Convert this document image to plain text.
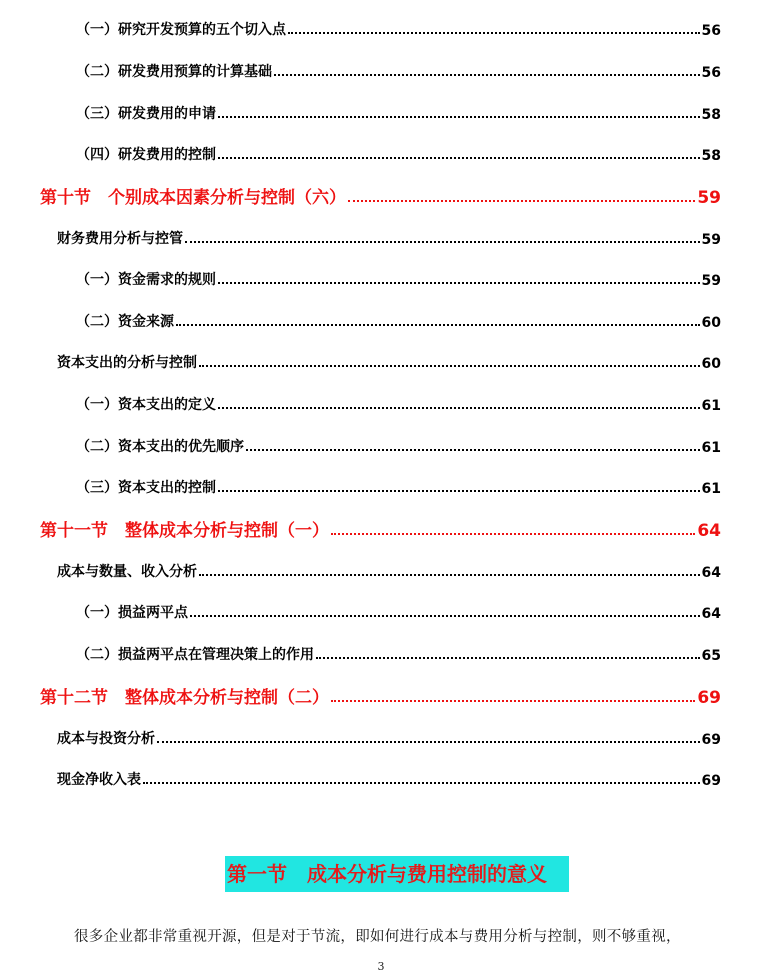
（一）研究开发预算的五个切入点	56
（二）研发费用预算的计算基础	56
（三）研发费用的申请	58
（四）研发费用的控制	58
第十节　个别成本因素分析与控制（六）	59
财务费用分析与控管	59
（一）资金需求的规则	59
（二）资金来源	60
资本支出的分析与控制	60
（一）资本支出的定义	61
（二）资本支出的优先顺序	61
（三）资本支出的控制	61
第十一节　整体成本分析与控制（一）	64
成本与数量、收入分析	64
（一）损益两平点	64
（二）损益两平点在管理决策上的作用	65
第十二节　整体成本分析与控制（二）	69
成本与投资分析	69
现金净收入表	69
第一节　成本分析与费用控制的意义
很多企业都非常重视开源，但是对于节流，即如何进行成本与费用分析与控制，则不够重视，
3
